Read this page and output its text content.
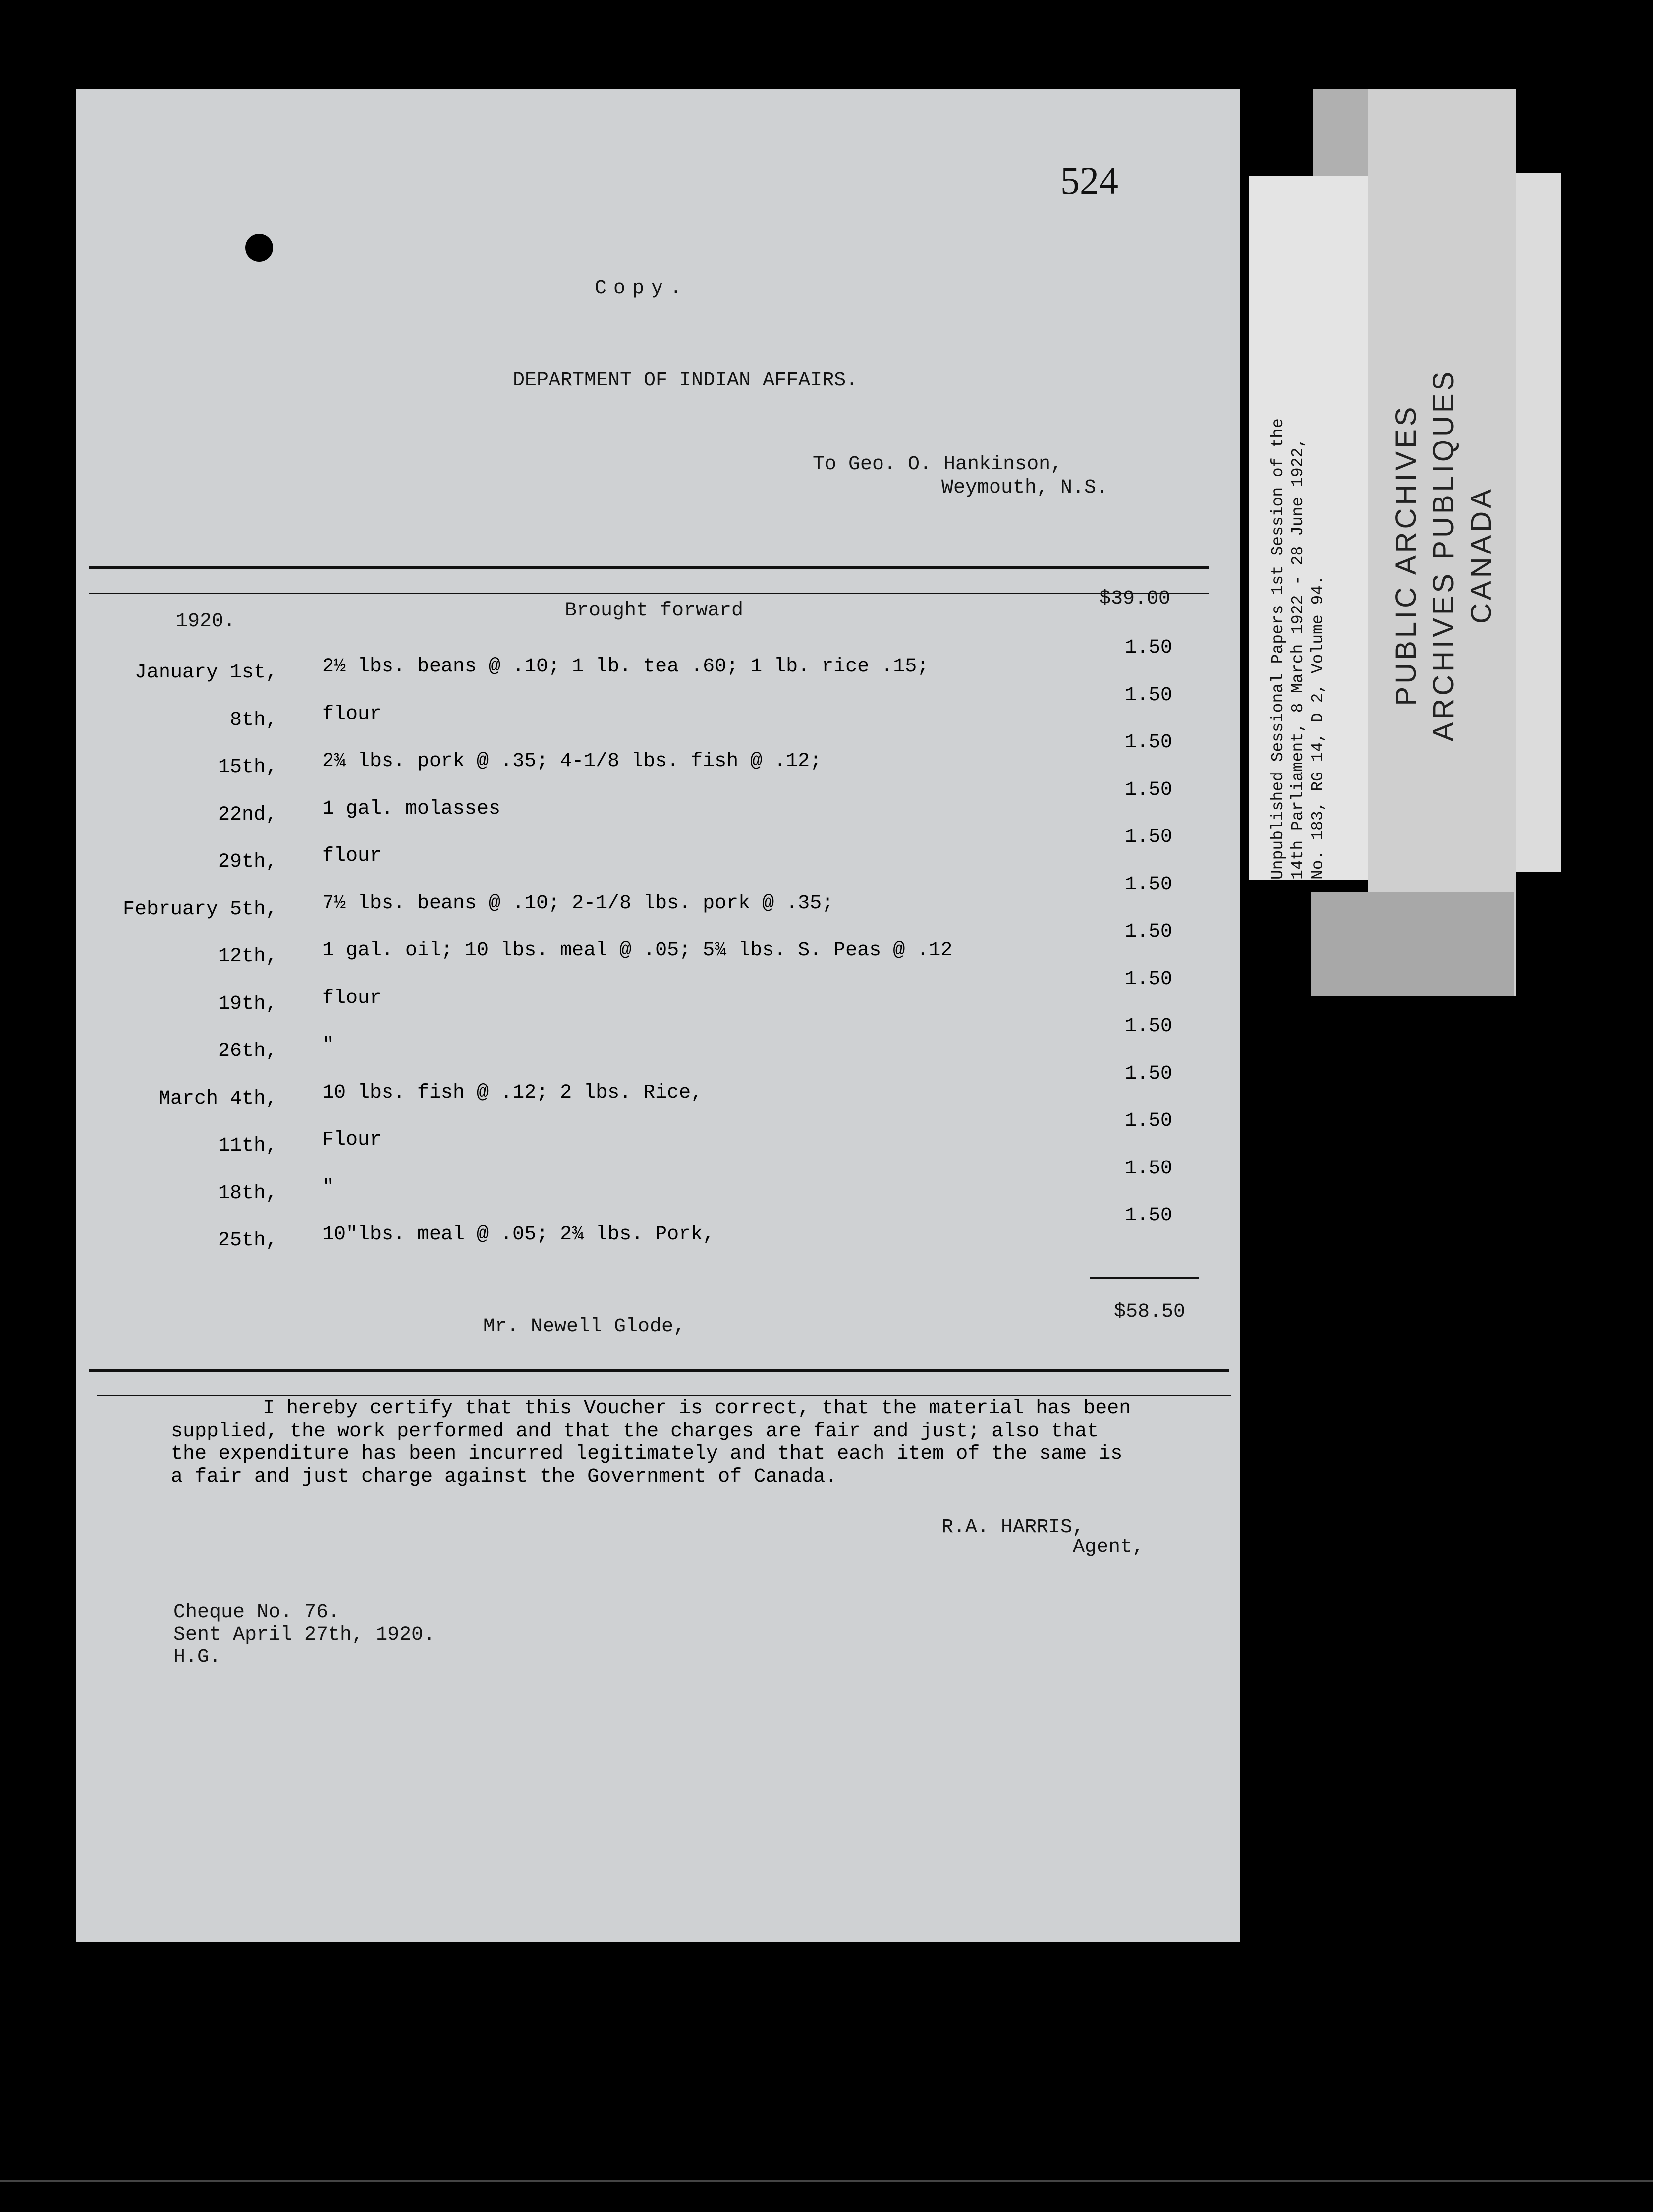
Unpublished Sessional Papers 1st Session of the 14th Parliament, 8 March 1922 - 28 June 1922, No. 183, RG 14, D 2, Volume 94.
PUBLIC ARCHIVES ARCHIVES PUBLIQUES CANADA
524
Copy.
DEPARTMENT OF INDIAN AFFAIRS.
To Geo. O. Hankinson,
Weymouth, N.S.
1920.	Brought forward
$39.00
January 1st, 2½ lbs. beans @ .10; 1 lb. tea .60; 1 lb. rice .15;
1.50
8th, flour
1.50
15th, 2¾ lbs. pork @ .35; 4-1/8 lbs. fish @ .12;
1.50
22nd, 1 gal. molasses
1.50
29th, flour
1.50
February 5th, 7½ lbs. beans @ .10; 2-1/8 lbs. pork @ .35;
1.50
12th, 1 gal. oil; 10 lbs. meal @ .05; 5¾ lbs. S. Peas @ .12
1.50
19th, flour
1.50
26th, "
1.50
March 4th, 10 lbs. fish @ .12; 2 lbs. Rice,
1.50
11th, Flour
1.50
18th, "
1.50
25th, 10"lbs. meal @ .05; 2¾ lbs. Pork,
1.50
Mr. Newell Glode,
$58.50
I hereby certify that this Voucher is correct, that the material has been
supplied, the work performed and that the charges are fair and just; also that
the expenditure has been incurred legitimately and that each item of the same is
a fair and just charge against the Government of Canada.
R.A. HARRIS,
Agent,
Cheque No. 76.
Sent April 27th, 1920.
H.G.
